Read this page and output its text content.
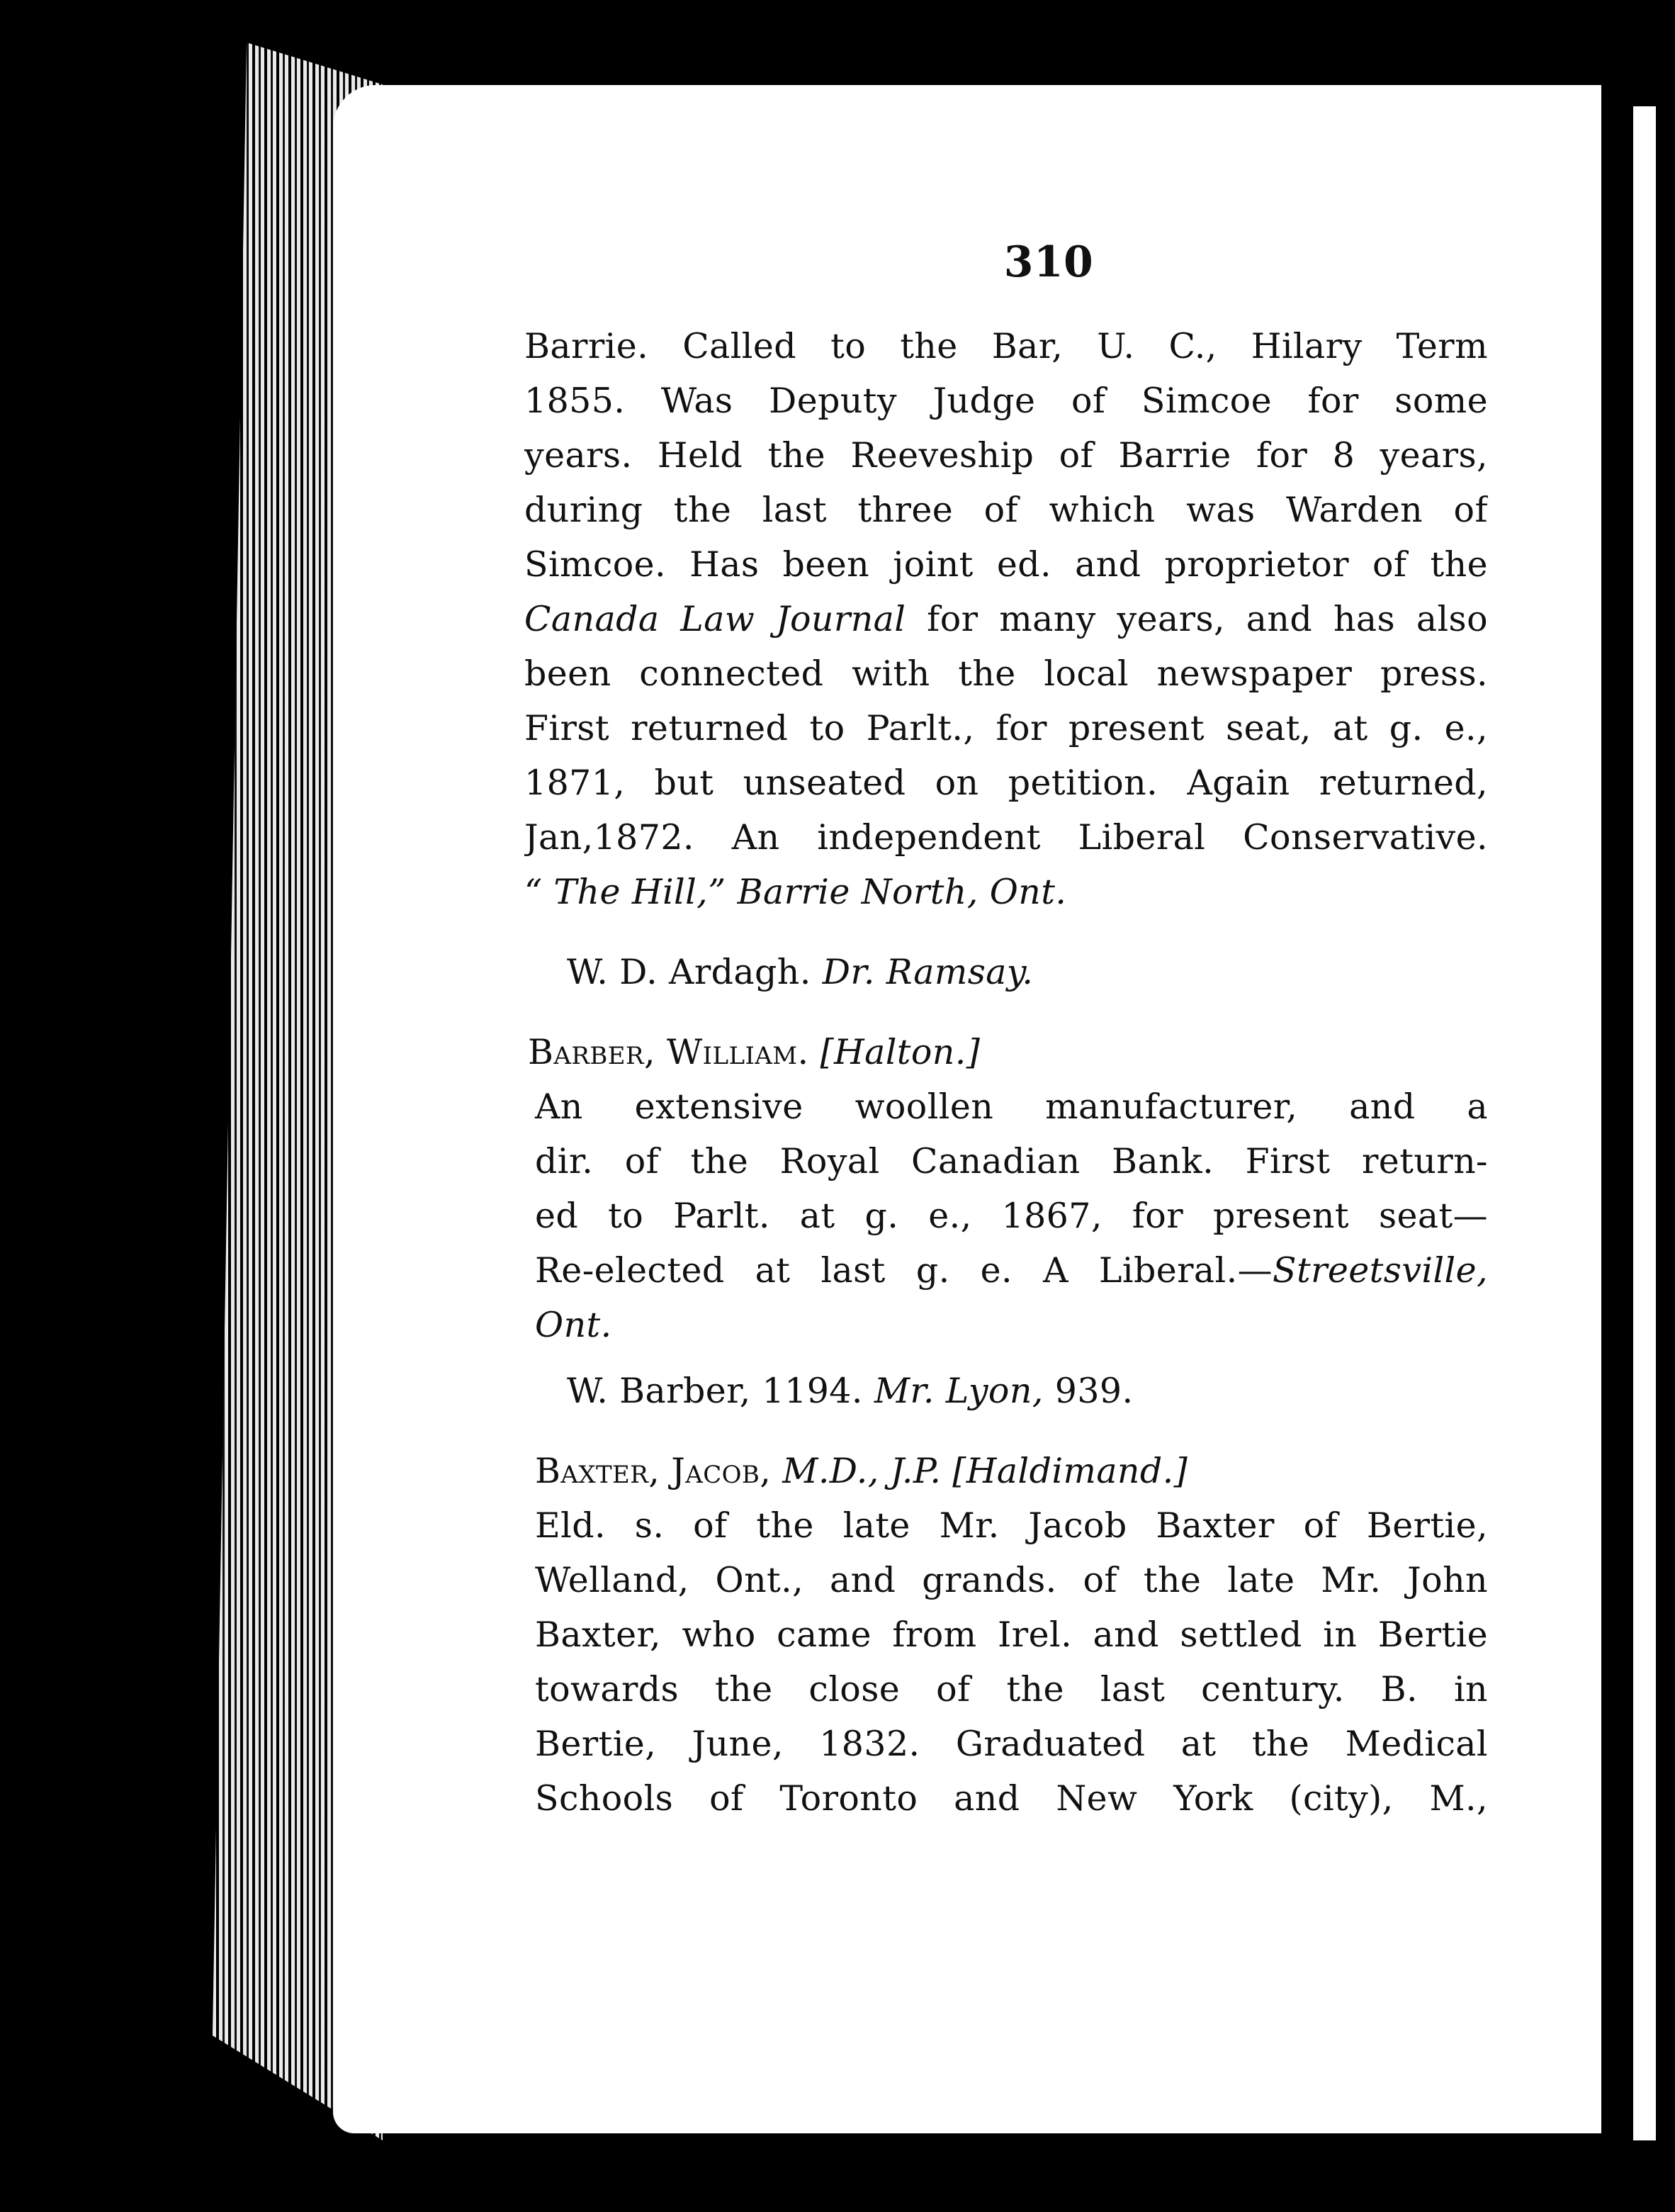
310
Barrie. Called to the Bar, U. C., Hilary Term
1855. Was Deputy Judge of Simcoe for some
years. Held the Reeveship of Barrie for 8 years,
during the last three of which was Warden of
Simcoe. Has been joint ed. and proprietor of the
Canada Law Journal for many years, and has also
been connected with the local newspaper press.
First returned to Parlt., for present seat, at g. e.,
1871, but unseated on petition. Again returned,
Jan,1872. An independent Liberal Conservative.
“ The Hill,” Barrie North, Ont.
W. D. Ardagh. Dr. Ramsay.
Barber, William. [Halton.]
An extensive woollen manufacturer, and a
dir. of the Royal Canadian Bank. First return-
ed to Parlt. at g. e., 1867, for present seat—
Re-elected at last g. e. A Liberal.—Streetsville,
Ont.
W. Barber, 1194. Mr. Lyon, 939.
Baxter, Jacob, M.D., J.P. [Haldimand.]
Eld. s. of the late Mr. Jacob Baxter of Bertie,
Welland, Ont., and grands. of the late Mr. John
Baxter, who came from Irel. and settled in Bertie
towards the close of the last century. B. in
Bertie, June, 1832. Graduated at the Medical
Schools of Toronto and New York (city), M.,
